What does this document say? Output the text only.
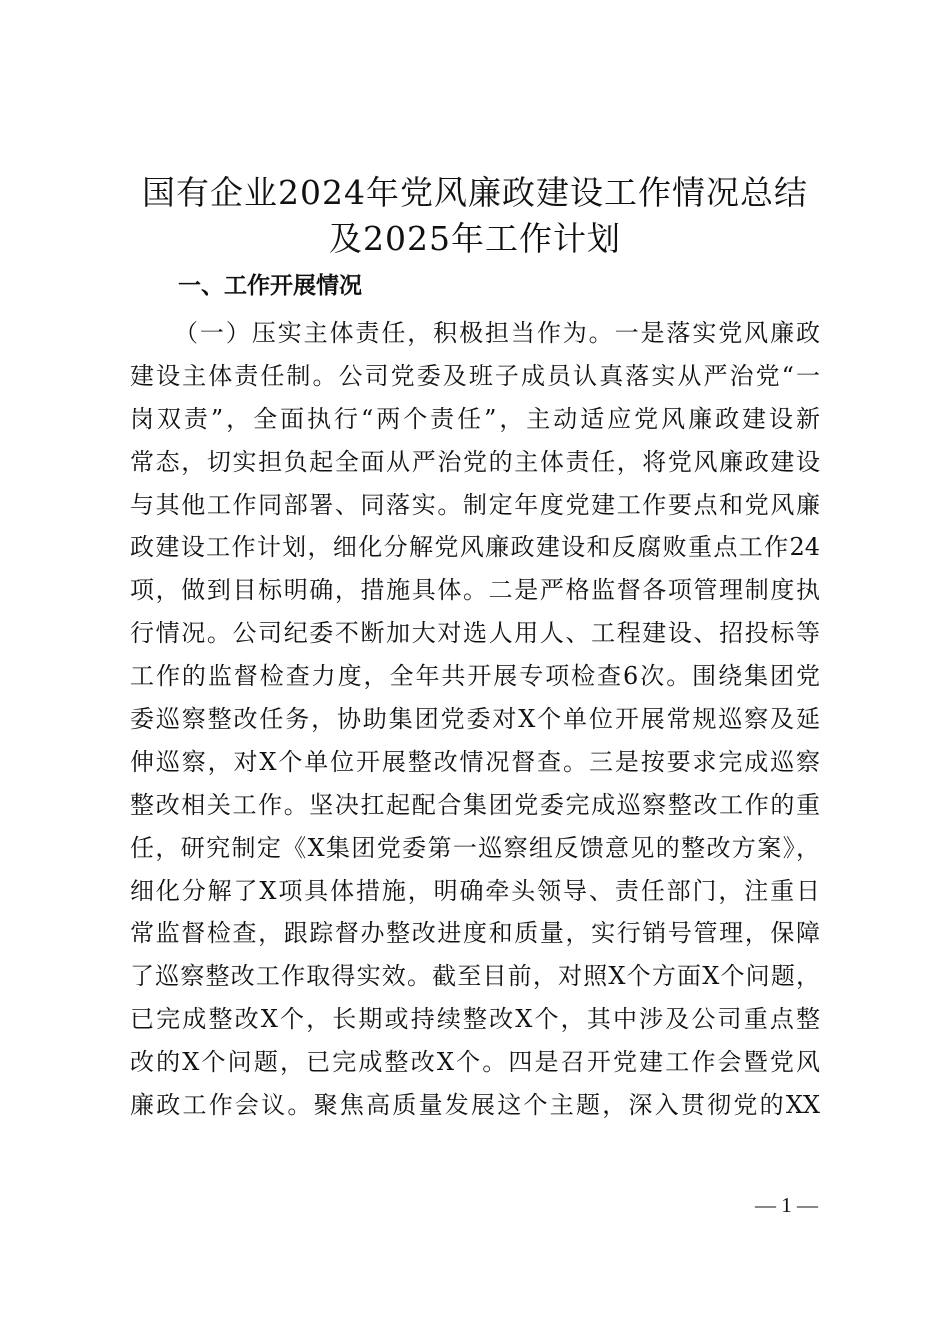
国有企业2024年党风廉政建设工作情况总结
及2025年工作计划
一、工作开展情况
（一）压实主体责任，积极担当作为。一是落实党风廉政
建设主体责任制。公司党委及班子成员认真落实从严治党“一
岗双责”，全面执行“两个责任”，主动适应党风廉政建设新
常态，切实担负起全面从严治党的主体责任，将党风廉政建设
与其他工作同部署、同落实。制定年度党建工作要点和党风廉
政建设工作计划，细化分解党风廉政建设和反腐败重点工作24
项，做到目标明确，措施具体。二是严格监督各项管理制度执
行情况。公司纪委不断加大对选人用人、工程建设、招投标等
工作的监督检查力度，全年共开展专项检查6次。围绕集团党
委巡察整改任务，协助集团党委对X个单位开展常规巡察及延
伸巡察，对X个单位开展整改情况督查。三是按要求完成巡察
整改相关工作。坚决扛起配合集团党委完成巡察整改工作的重
任，研究制定《X集团党委第一巡察组反馈意见的整改方案》，
细化分解了X项具体措施，明确牵头领导、责任部门，注重日
常监督检查，跟踪督办整改进度和质量，实行销号管理，保障
了巡察整改工作取得实效。截至目前，对照X个方面X个问题，
已完成整改X个，长期或持续整改X个，其中涉及公司重点整
改的X个问题，已完成整改X个。四是召开党建工作会暨党风
廉政工作会议。聚焦高质量发展这个主题，深入贯彻党的XX
— 1 —
